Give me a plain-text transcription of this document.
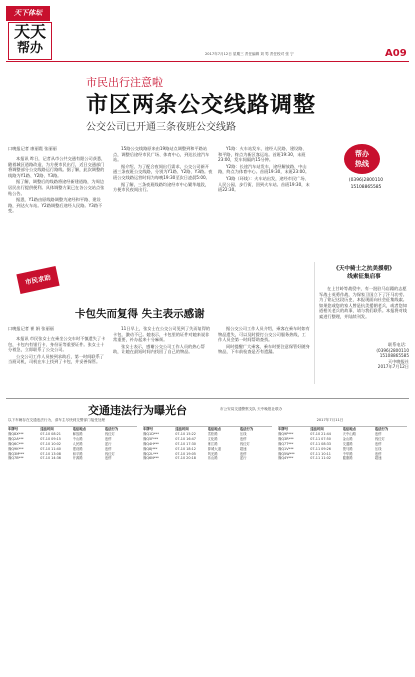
天下体坛
天天
帮办	2017年7月12日 星期三 责任编辑 刘 男 责任校对 张 宁	A09
市民出行注意啦
市区两条公交线路调整
公交公司已开通三条夜班公交线路
口晚报记者 康丽霞 张丽丽

本报讯 昨日，记者从市公共交通有限公司获悉，随着城区道路改造，为方便市民出行，近日交通部门将调整部分公交线路运行路线。据了解，此次调整的线路为Y1路、Y2路、Y3路。

据了解，调整后的线路将途经新建道路，为周边居民出行提供便利。具体调整方案已在各公交站点张贴公告。

据悉，Y1路由原线路调整为途经和平路、建设路，到达火车站。Y2路调整后途经人民路。Y3路不变。

15路公交线路原来由19路站点调整到和平路站点，调整后途经市民广场、体育中心，到达长途汽车站。

据介绍，为了配合夜间出行需求，公交公司新开通三条夜班公交线路，分别为Y1路、Y2路、Y3路。夜班公交线路运营时间为每晚19:30至次日凌晨5:00。

据了解，三条夜班线路均途经市中心繁华地段，方便市民夜间出行。

Y1路：火车站发车，途经人民路、建设路、和平路，终点为新区客运站。首班19:30，末班23:00，发车间隔约15分钟。

Y2路：长途汽车站发车，途经解放路、中山路，终点为体育中心。首班19:30，末班23:00。

Y3路（环线）：火车站出发，途经市民广场、人民公园、步行街，回到火车站。首班19:30，末班22:30。

帮办
热线
(0396)2800110
15108865585
《天中骑士之抗美援朝》
线索征集启事
在上甘岭等战役中，有一批驻马店籍的志愿军战士英勇作战，为保家卫国立下了汗马功劳。为了铭记这段历史，本报现面向社会征集线索。如果您或您的家人曾是抗美援朝老兵，或者您知道相关老兵的故事，请与我们联系。本报将对线索进行整理，并陆续刊发。
联系电话：
(0396)2800110
15108865585
天中晚报社
2017年7月12日
市民求助
卡包失而复得 失主表示感谢
口晚报记者 崔 娟 张丽丽

本报讯 市民张女士在乘坐公交车时不慎遗失了卡包，卡包内有银行卡、身份证等重要证件。张女士十分着急，立即联系了公交公司。

公交公司工作人员接到求助后，第一时间联系了当班司机，司机在车上找到了卡包，并妥善保管。

11日早上，张女士在公交公司见到了失而复得的卡包，激动不已。她表示，卡包里的证件对她来说非常重要，补办起来十分麻烦。

张女士表示，感谢公交公司工作人员的热心帮助，让她在最短时间内找回了自己的物品。

据公交公司工作人员介绍，乘客在乘车时如有物品遗失，可以及时拨打公交公司服务热线，工作人员会第一时间帮助查找。

同时提醒广大乘客，乘车时要注意保管好随身物品，下车前检查是否有遗漏。

交通违法行为曝光台	市公安局交通警察支队 天中晚报社联办
以下车辆存在交通违法行为，请车主尽快到交警部门接受处理	2017年7月11日
车牌号	违法时间	违法地点	违法行为
豫Q8X***	07-10 08:21	解放路	闯红灯
豫Q2A***	07-10 09:15	中山路	违停
豫Q6C***	07-10 10:02	人民路	逆行
豫Q9K***	07-10 11:40	建设路	违停
豫Q3M***	07-10 13:08	和平路	闯红灯
豫Q7B***	07-10 14:36	开源路	违停
车牌号	违法时间	违法地点	违法行为
豫Q1D***	07-10 15:22	雪松路	压线
豫Q5F***	07-10 16:47	文化路	违停
豫Q4H***	07-10 17:30	练江路	闯红灯
豫Q8J***	07-10 18:12	驿城大道	超速
豫Q2L***	07-10 19:05	风光路	违停
豫Q6N***	07-10 20:18	乐山路	逆行
车牌号	违法时间	违法地点	违法行为
豫Q9P***	07-10 21:44	天中山路	违停
豫Q3R***	07-11 07:50	金山路	闯红灯
豫Q7T***	07-11 08:33	交通路	违停
豫Q1V***	07-11 09:26	骏马路	压线
豫Q5W***	07-11 10:11	中华路	违停
豫Q4Y***	07-11 11:02	健康路	超速
